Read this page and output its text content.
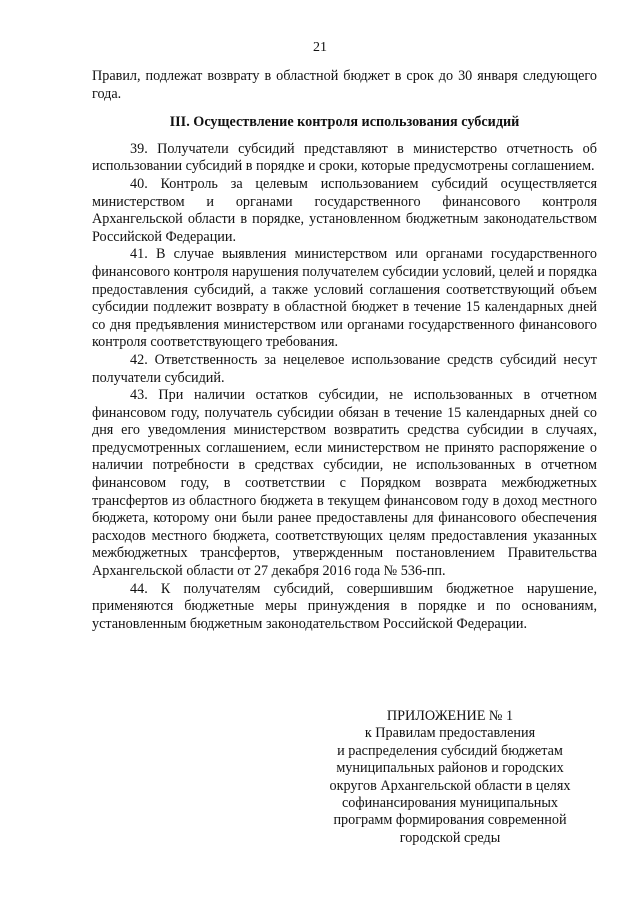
21

Правил, подлежат возврату в областной бюджет в срок до 30 января следующего года.

III. Осуществление контроля использования субсидий

39. Получатели субсидий представляют в министерство отчетность об использовании субсидий в порядке и сроки, которые предусмотрены соглашением.

40. Контроль за целевым использованием субсидий осуществляется министерством и органами государственного финансового контроля Архангельской области в порядке, установленном бюджетным законодательством Российской Федерации.

41. В случае выявления министерством или органами государственного финансового контроля нарушения получателем субсидии условий, целей и порядка предоставления субсидий, а также условий соглашения соответствующий объем субсидии подлежит возврату в областной бюджет в течение 15 календарных дней со дня предъявления министерством или органами государственного финансового контроля соответствующего требования.

42. Ответственность за нецелевое использование средств субсидий несут получатели субсидий.

43. При наличии остатков субсидии, не использованных в отчетном финансовом году, получатель субсидии обязан в течение 15 календарных дней со дня его уведомления министерством возвратить средства субсидии в случаях, предусмотренных соглашением, если министерством не принято распоряжение о наличии потребности в средствах субсидии, не использованных в отчетном финансовом году, в соответствии с Порядком возврата межбюджетных трансфертов из областного бюджета в текущем финансовом году в доход местного бюджета, которому они были ранее предоставлены для финансового обеспечения расходов местного бюджета, соответствующих целям предоставления указанных межбюджетных трансфертов, утвержденным постановлением Правительства Архангельской области от 27 декабря 2016 года № 536-пп.

44. К получателям субсидий, совершившим бюджетное нарушение, применяются бюджетные меры принуждения в порядке и по основаниям, установленным бюджетным законодательством Российской Федерации.

ПРИЛОЖЕНИЕ № 1
к Правилам предоставления
и распределения субсидий бюджетам
муниципальных районов и городских
округов Архангельской области в целях
софинансирования муниципальных
программ формирования современной
городской среды
